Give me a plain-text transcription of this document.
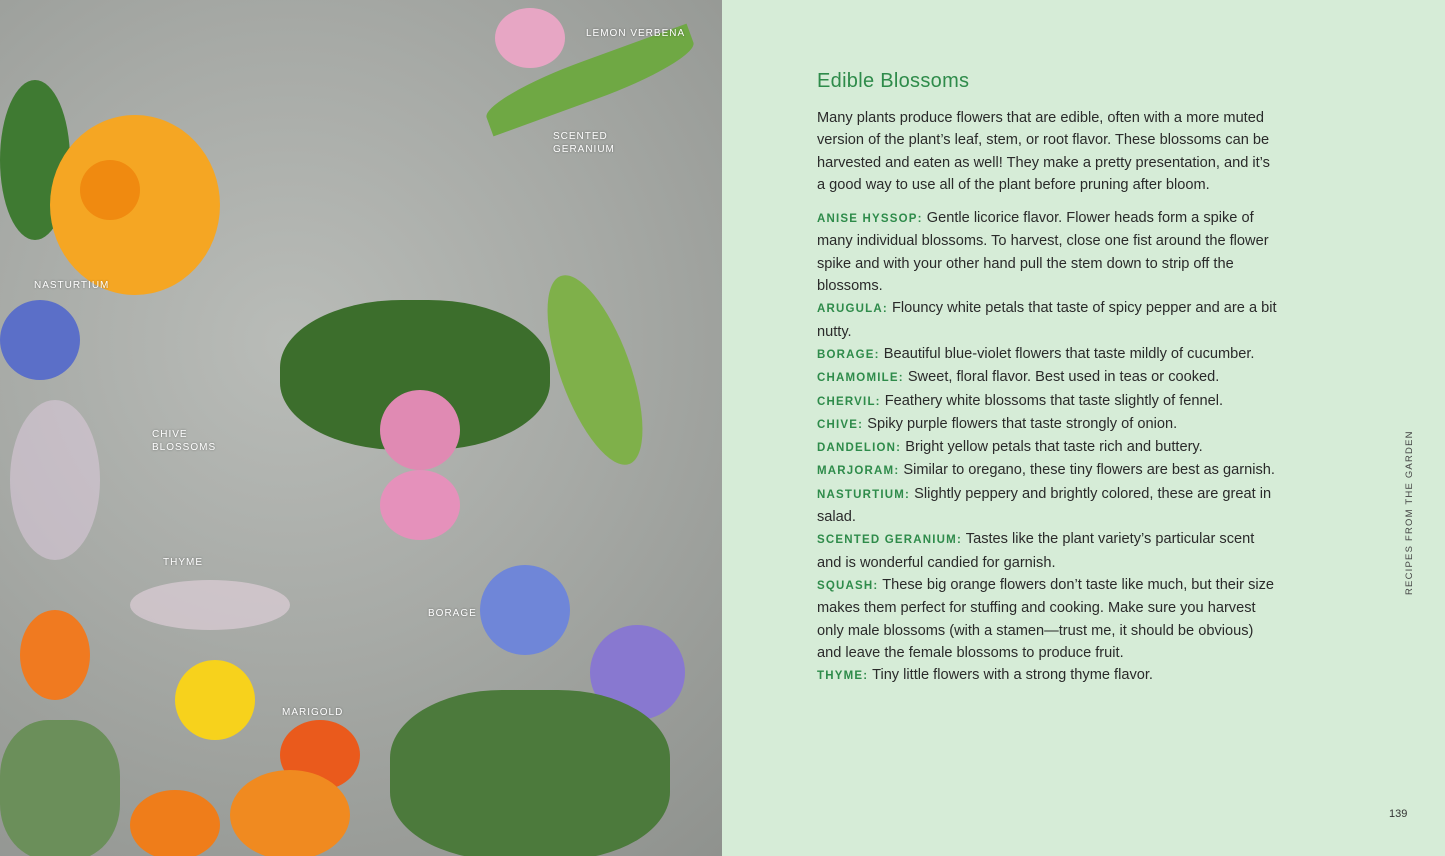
LEMON VERBENA
SCENTED GERANIUM
NASTURTIUM
CHIVE BLOSSOMS
THYME
BORAGE
MARIGOLD
Edible Blossoms

Many plants produce flowers that are edible, often with a more muted version of the plant’s leaf, stem, or root flavor. These blossoms can be harvested and eaten as well! They make a pretty presentation, and it’s a good way to use all of the plant before pruning after bloom.

ANISE HYSSOP: Gentle licorice flavor. Flower heads form a spike of many individual blossoms. To harvest, close one fist around the flower spike and with your other hand pull the stem down to strip off the blossoms.

ARUGULA: Flouncy white petals that taste of spicy pepper and are a bit nutty.

BORAGE: Beautiful blue-violet flowers that taste mildly of cucumber.

CHAMOMILE: Sweet, floral flavor. Best used in teas or cooked.

CHERVIL: Feathery white blossoms that taste slightly of fennel.

CHIVE: Spiky purple flowers that taste strongly of onion.

DANDELION: Bright yellow petals that taste rich and buttery.

MARJORAM: Similar to oregano, these tiny flowers are best as garnish.

NASTURTIUM: Slightly peppery and brightly colored, these are great in salad.

SCENTED GERANIUM: Tastes like the plant variety’s particular scent and is wonderful candied for garnish.

SQUASH: These big orange flowers don’t taste like much, but their size makes them perfect for stuffing and cooking. Make sure you harvest only male blossoms (with a stamen—trust me, it should be obvious) and leave the female blossoms to produce fruit.

THYME: Tiny little flowers with a strong thyme flavor.

RECIPES FROM THE GARDEN
139
